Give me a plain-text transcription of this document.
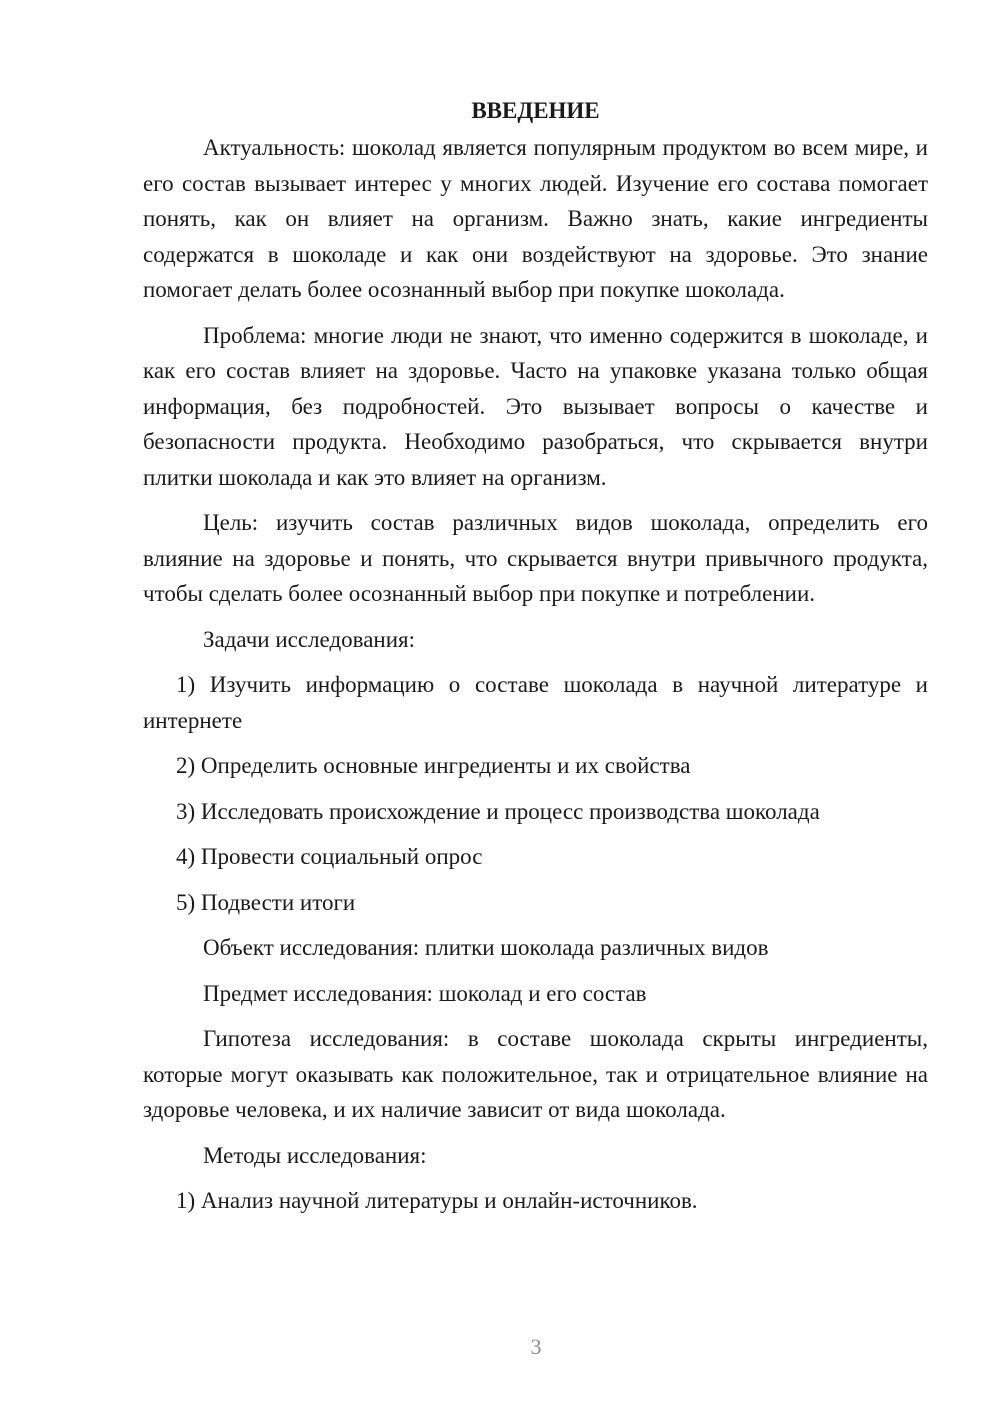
ВВЕДЕНИЕ

Актуальность: шоколад является популярным продуктом во всем мире, и его состав вызывает интерес у многих людей. Изучение его состава помогает понять, как он влияет на организм. Важно знать, какие ингредиенты содержатся в шоколаде и как они воздействуют на здоровье. Это знание помогает делать более осознанный выбор при покупке шоколада.

Проблема: многие люди не знают, что именно содержится в шоколаде, и как его состав влияет на здоровье. Часто на упаковке указана только общая информация, без подробностей. Это вызывает вопросы о качестве и безопасности продукта. Необходимо разобраться, что скрывается внутри плитки шоколада и как это влияет на организм.

Цель: изучить состав различных видов шоколада, определить его влияние на здоровье и понять, что скрывается внутри привычного продукта, чтобы сделать более осознанный выбор при покупке и потреблении.

Задачи исследования:

1) Изучить информацию о составе шоколада в научной литературе и интернете

2) Определить основные ингредиенты и их свойства

3) Исследовать происхождение и процесс производства шоколада

4) Провести социальный опрос

5) Подвести итоги

Объект исследования: плитки шоколада различных видов

Предмет исследования: шоколад и его состав

Гипотеза исследования: в составе шоколада скрыты ингредиенты, которые могут оказывать как положительное, так и отрицательное влияние на здоровье человека, и их наличие зависит от вида шоколада.

Методы исследования:

1) Анализ научной литературы и онлайн-источников.

3
